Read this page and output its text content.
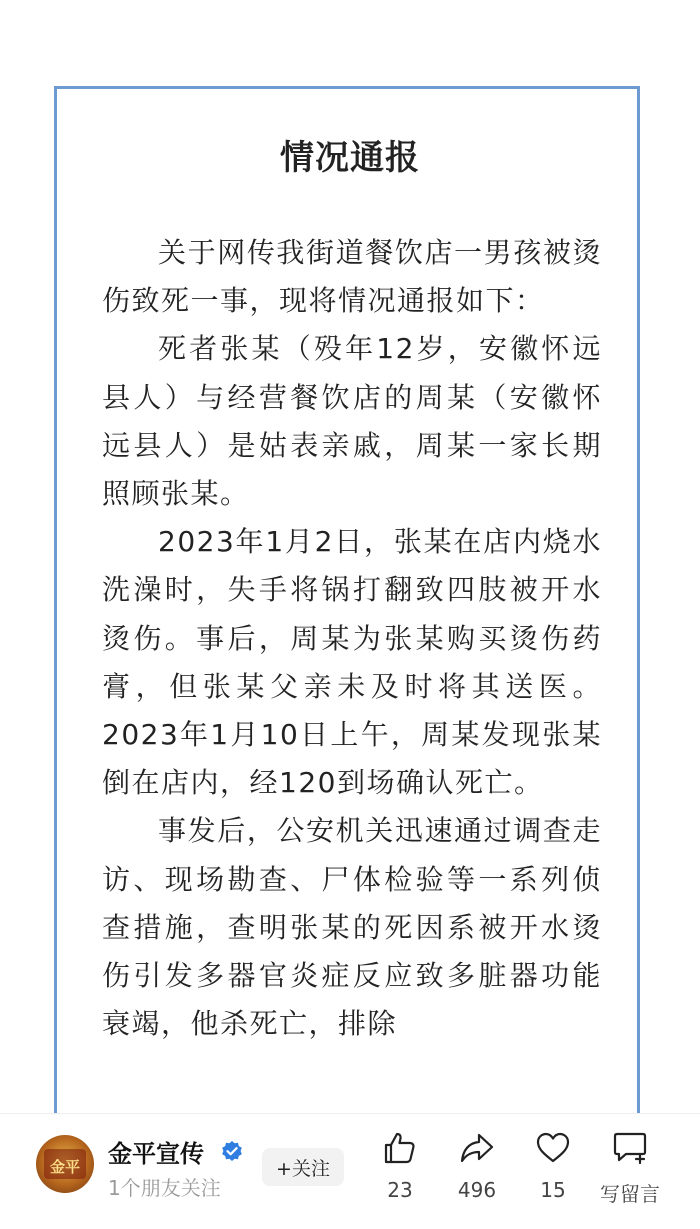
情况通报

关于网传我街道餐饮店一男孩被烫伤致死一事，现将情况通报如下：

死者张某（殁年12岁，安徽怀远县人）与经营餐饮店的周某（安徽怀远县人）是姑表亲戚，周某一家长期照顾张某。

2023年1月2日，张某在店内烧水洗澡时，失手将锅打翻致四肢被开水烫伤。事后，周某为张某购买烫伤药膏，但张某父亲未及时将其送医。2023年1月10日上午，周某发现张某倒在店内，经120到场确认死亡。

事发后，公安机关迅速通过调查走访、现场勘查、尸体检验等一系列侦查措施，查明张某的死因系被开水烫伤引发多器官炎症反应致多脏器功能衰竭，他杀死亡，排除

金平 金平宣传
1个朋友关注
+关注
23	496	15	写留言
